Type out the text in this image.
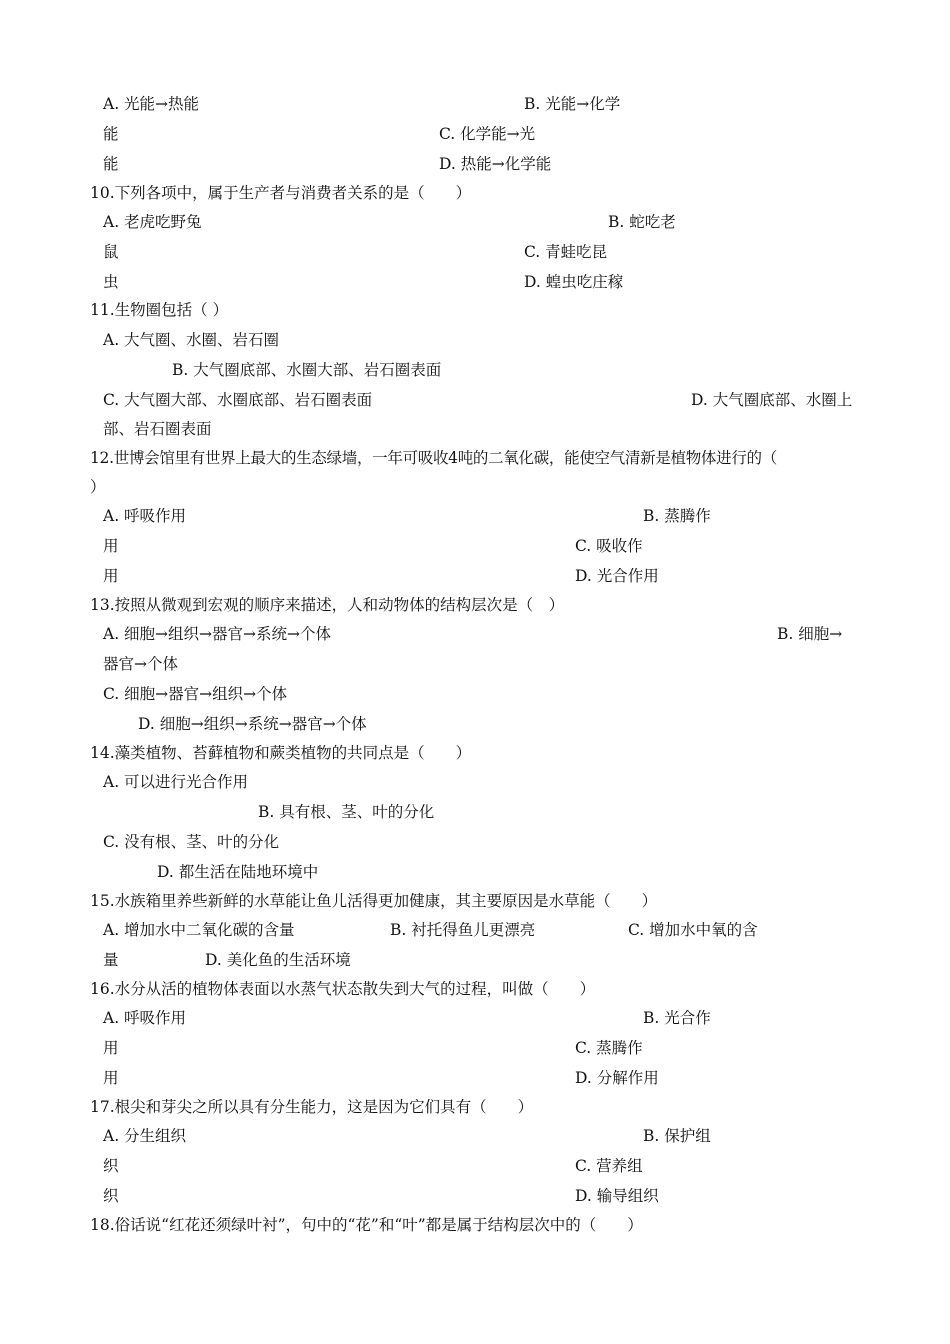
A. 光能→热能	B. 光能→化学
能	C. 化学能→光
能	D. 热能→化学能
10.下列各项中，属于生产者与消费者关系的是（　　）
A. 老虎吃野兔	B. 蛇吃老
鼠	C. 青蛙吃昆
虫	D. 蝗虫吃庄稼
11.生物圈包括（ ）
A. 大气圈、水圈、岩石圈
B. 大气圈底部、水圈大部、岩石圈表面
C. 大气圈大部、水圈底部、岩石圈表面	D. 大气圈底部、水圈上
部、岩石圈表面
12.世博会馆里有世界上最大的生态绿墙，一年可吸收4吨的二氧化碳，能使空气清新是植物体进行的（
）
A. 呼吸作用	B. 蒸腾作
用	C. 吸收作
用	D. 光合作用
13.按照从微观到宏观的顺序来描述，人和动物体的结构层次是（　）
A. 细胞→组织→器官→系统→个体	B. 细胞→
器官→个体
C. 细胞→器官→组织→个体
D. 细胞→组织→系统→器官→个体
14.藻类植物、苔藓植物和蕨类植物的共同点是（　　）
A. 可以进行光合作用
B. 具有根、茎、叶的分化
C. 没有根、茎、叶的分化
D. 都生活在陆地环境中
15.水族箱里养些新鲜的水草能让鱼儿活得更加健康，其主要原因是水草能（　　）
A. 增加水中二氧化碳的含量	B. 衬托得鱼儿更漂亮	C. 增加水中氧的含
量	D. 美化鱼的生活环境
16.水分从活的植物体表面以水蒸气状态散失到大气的过程，叫做（　　）
A. 呼吸作用	B. 光合作
用	C. 蒸腾作
用	D. 分解作用
17.根尖和芽尖之所以具有分生能力，这是因为它们具有（　　）
A. 分生组织	B. 保护组
织	C. 营养组
织	D. 输导组织
18.俗话说“红花还须绿叶衬”，句中的“花”和“叶”都是属于结构层次中的（　　）
